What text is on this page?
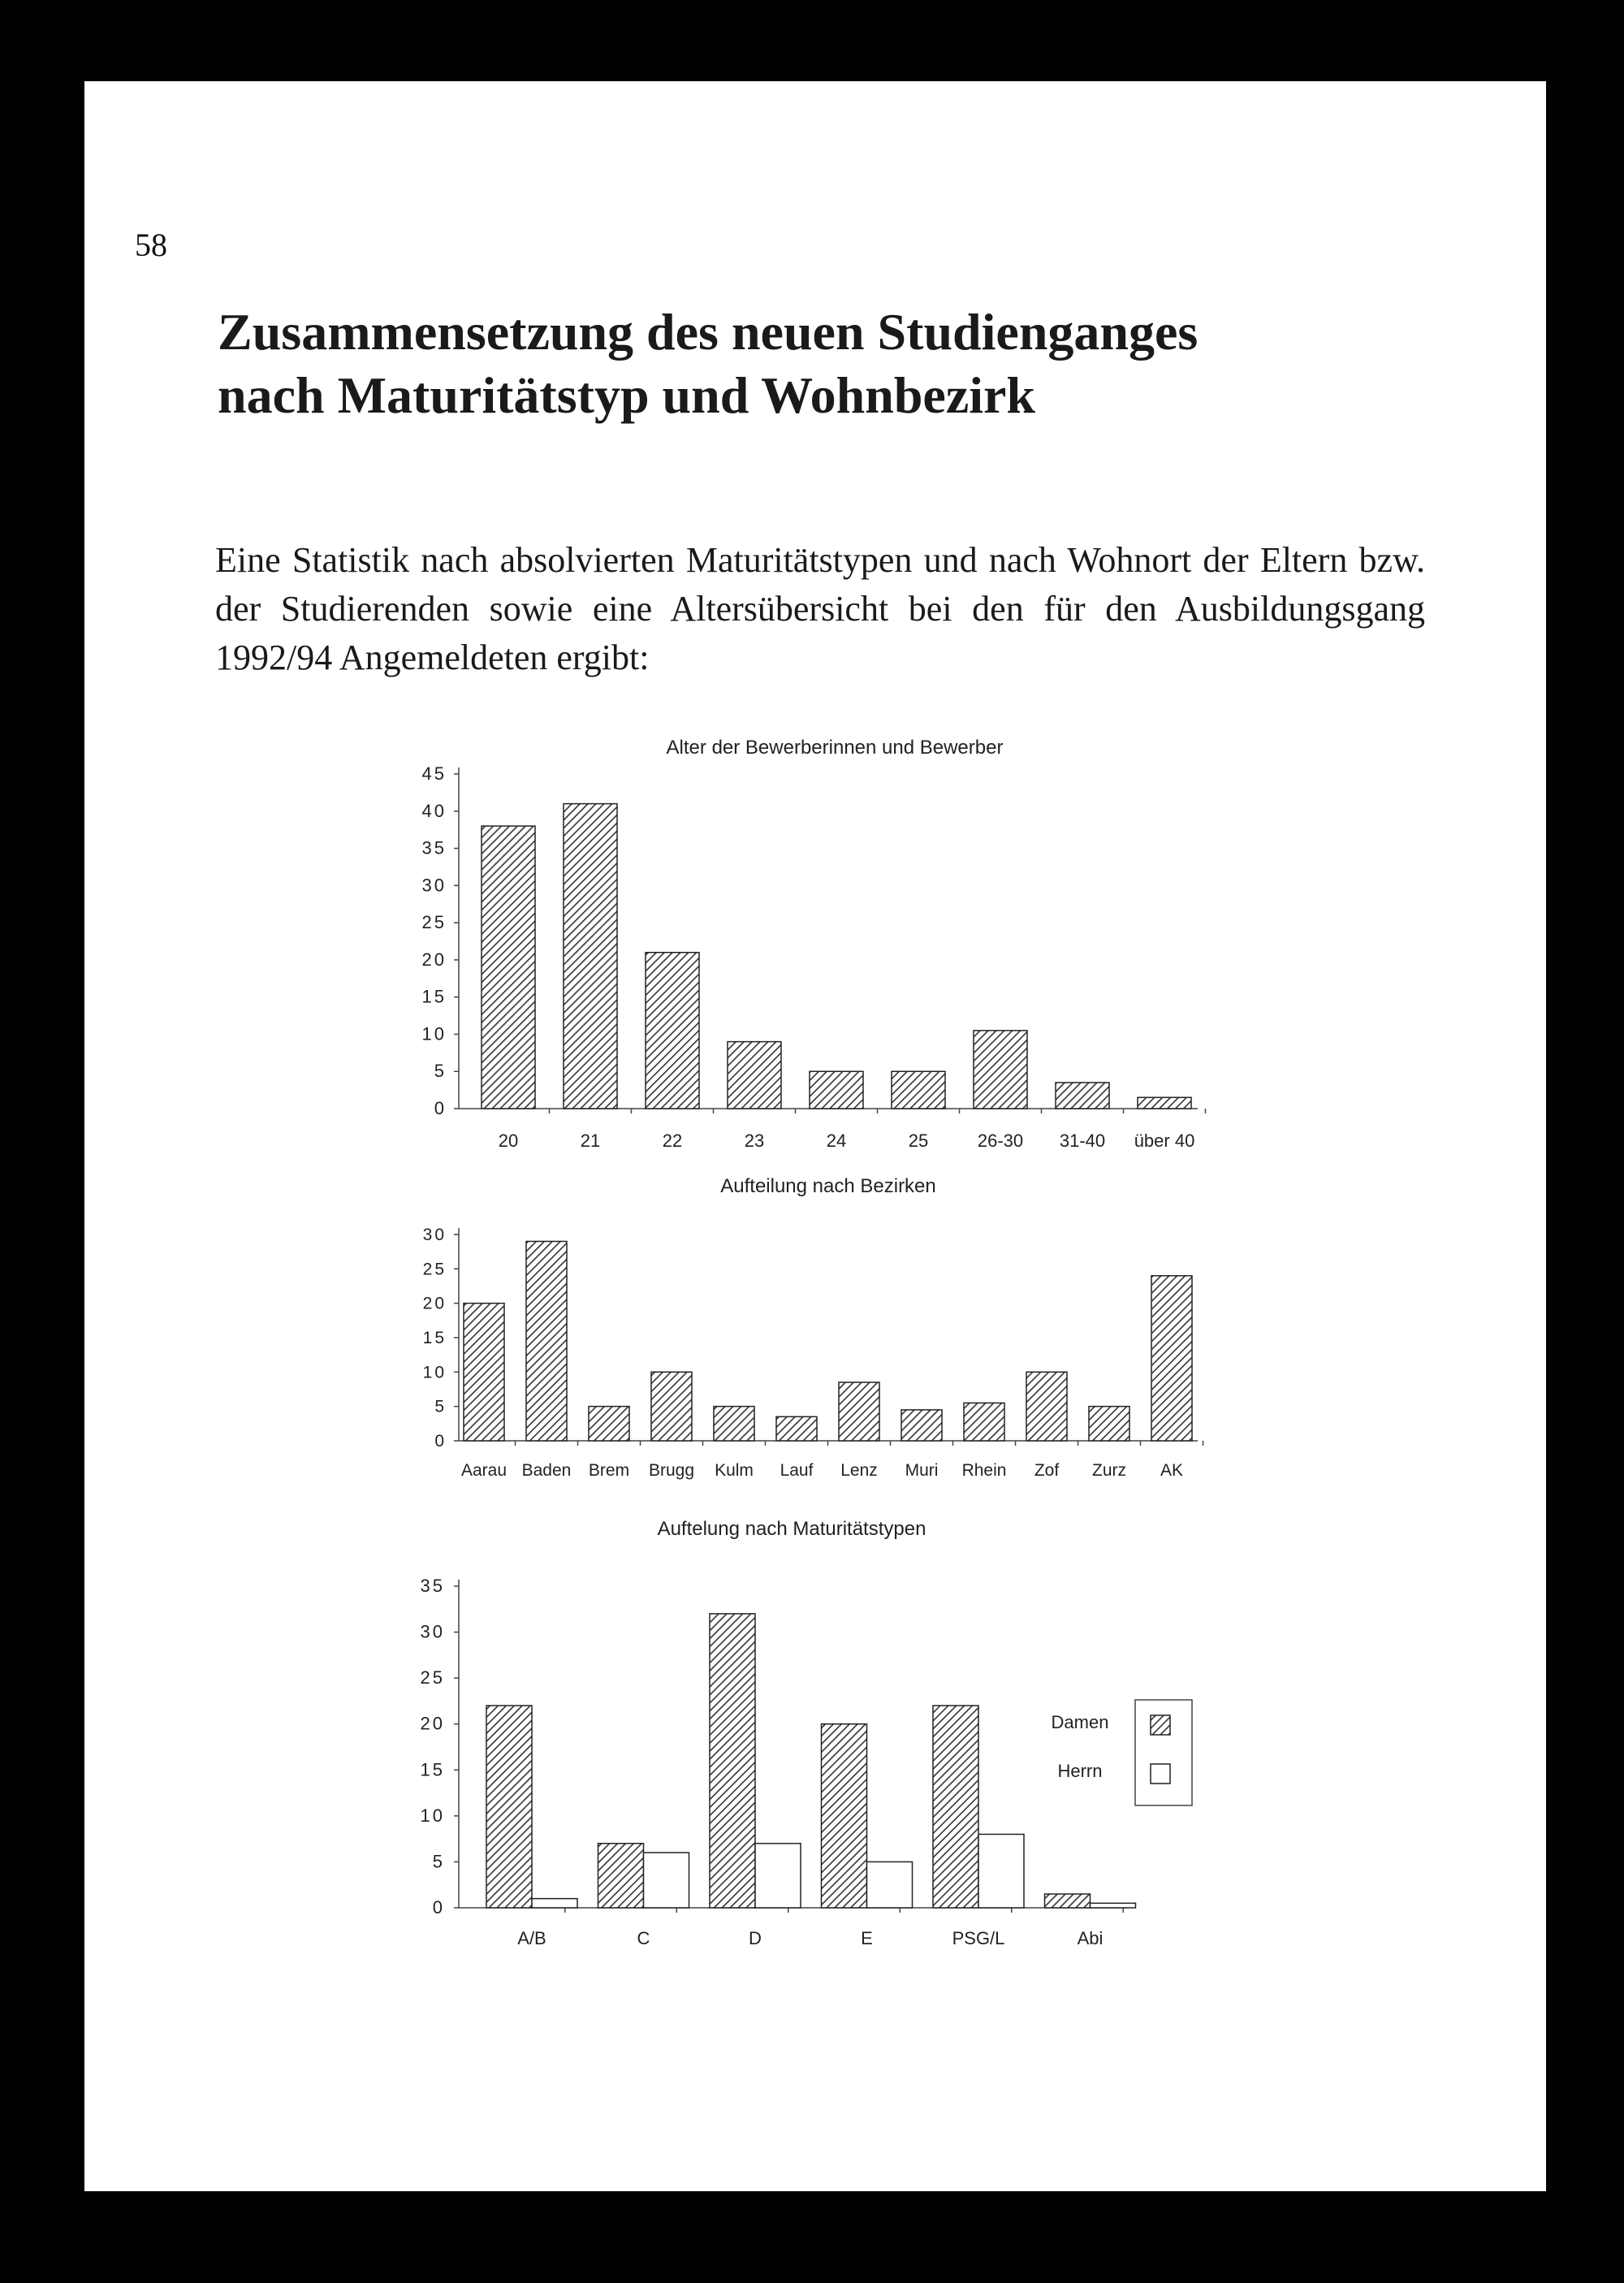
58
Zusammensetzung des neuen Studienganges
nach Maturitätstyp und Wohnbezirk

Eine Statistik nach absolvierten Maturitätstypen und nach Wohnort der Eltern bzw. der Studierenden sowie eine Altersübersicht bei den für den Ausbildungsgang 1992/94 Angemeldeten ergibt:

Alter der Bewerberinnen und Bewerber
0
5
10
15
20
25
30
35
40
45
20	21	22	23	24	25	26-30 31-40 über 40
Aufteilung nach Bezirken
0
5
10
15
20
25
30
Aarau Baden Brem Brugg Kulm Lauf Lenz Muri Rhein Zof Zurz AK
Auftelung nach Maturitätstypen
0
5
10
15
20
25
30
35
A/B	C	D	E	PSG/L	Abi
Damen
Herrn
